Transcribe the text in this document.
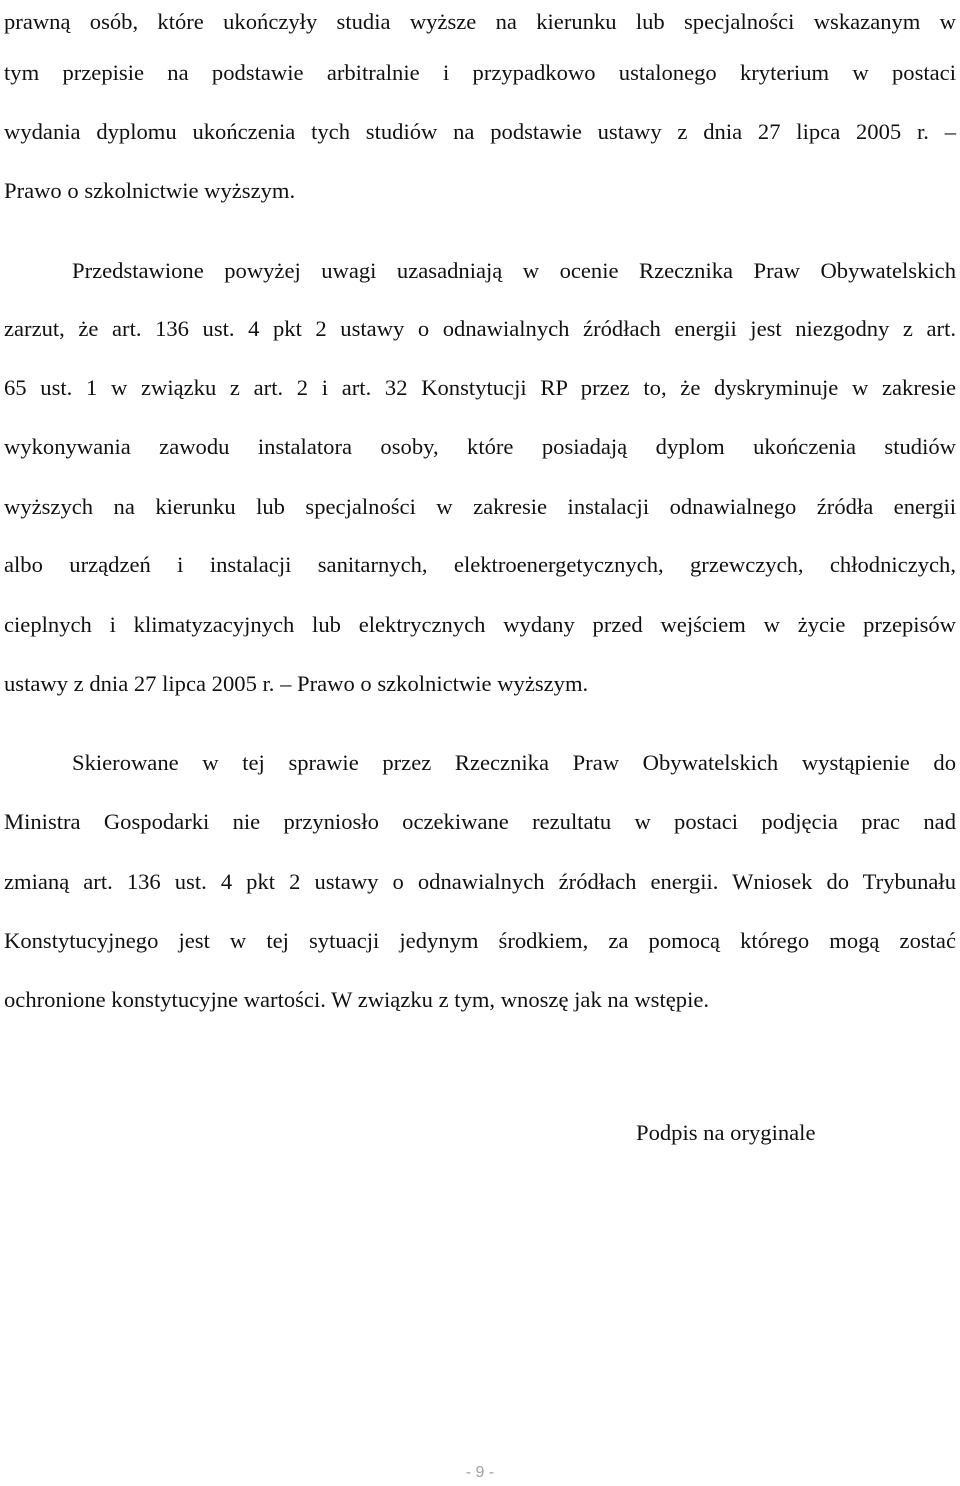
prawną osób, które ukończyły studia wyższe na kierunku lub specjalności wskazanym w
tym przepisie na podstawie arbitralnie i przypadkowo ustalonego kryterium w postaci
wydania dyplomu ukończenia tych studiów na podstawie ustawy z dnia 27 lipca 2005 r. –
Prawo o szkolnictwie wyższym.
Przedstawione powyżej uwagi uzasadniają w ocenie Rzecznika Praw Obywatelskich
zarzut, że art. 136 ust. 4 pkt 2 ustawy o odnawialnych źródłach energii jest niezgodny z art.
65 ust. 1 w związku z art. 2 i art. 32 Konstytucji RP przez to, że dyskryminuje w zakresie
wykonywania zawodu instalatora osoby, które posiadają dyplom ukończenia studiów
wyższych na kierunku lub specjalności w zakresie instalacji odnawialnego źródła energii
albo urządzeń i instalacji sanitarnych, elektroenergetycznych, grzewczych, chłodniczych,
cieplnych i klimatyzacyjnych lub elektrycznych wydany przed wejściem w życie przepisów
ustawy z dnia 27 lipca 2005 r. – Prawo o szkolnictwie wyższym.
Skierowane w tej sprawie przez Rzecznika Praw Obywatelskich wystąpienie do
Ministra Gospodarki nie przyniosło oczekiwane rezultatu w postaci podjęcia prac nad
zmianą art. 136 ust. 4 pkt 2 ustawy o odnawialnych źródłach energii. Wniosek do Trybunału
Konstytucyjnego jest w tej sytuacji jedynym środkiem, za pomocą którego mogą zostać
ochronione konstytucyjne wartości. W związku z tym, wnoszę jak na wstępie.
Podpis na oryginale
- 9 -
